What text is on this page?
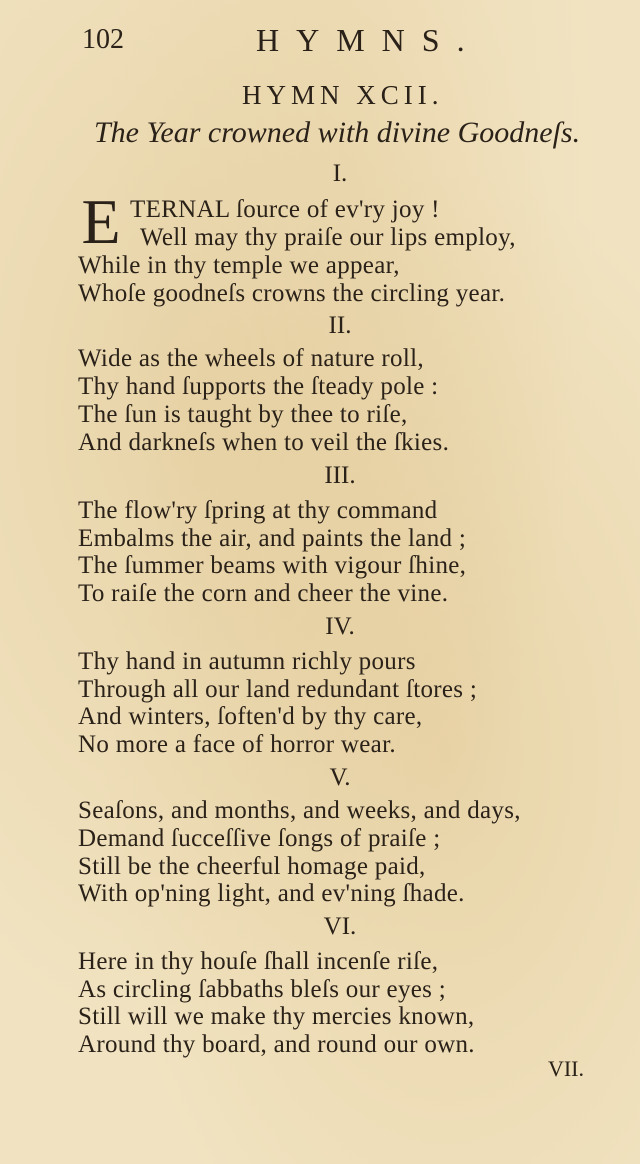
102	HYMNS.
HYMN XCII.
The Year crowned with divine Goodneſs.
I.
E TERNAL ſource of ev'ry joy !
Well may thy praiſe our lips employ,
While in thy temple we appear,
Whoſe goodneſs crowns the circling year.
II.
Wide as the wheels of nature roll,
Thy hand ſupports the ſteady pole :
The ſun is taught by thee to riſe,
And darkneſs when to veil the ſkies.
III.
The flow'ry ſpring at thy command
Embalms the air, and paints the land ;
The ſummer beams with vigour ſhine,
To raiſe the corn and cheer the vine.
IV.
Thy hand in autumn richly pours
Through all our land redundant ſtores ;
And winters, ſoften'd by thy care,
No more a face of horror wear.
V.
Seaſons, and months, and weeks, and days,
Demand ſucceſſive ſongs of praiſe ;
Still be the cheerful homage paid,
With op'ning light, and ev'ning ſhade.
VI.
Here in thy houſe ſhall incenſe riſe,
As circling ſabbaths bleſs our eyes ;
Still will we make thy mercies known,
Around thy board, and round our own.
VII.
